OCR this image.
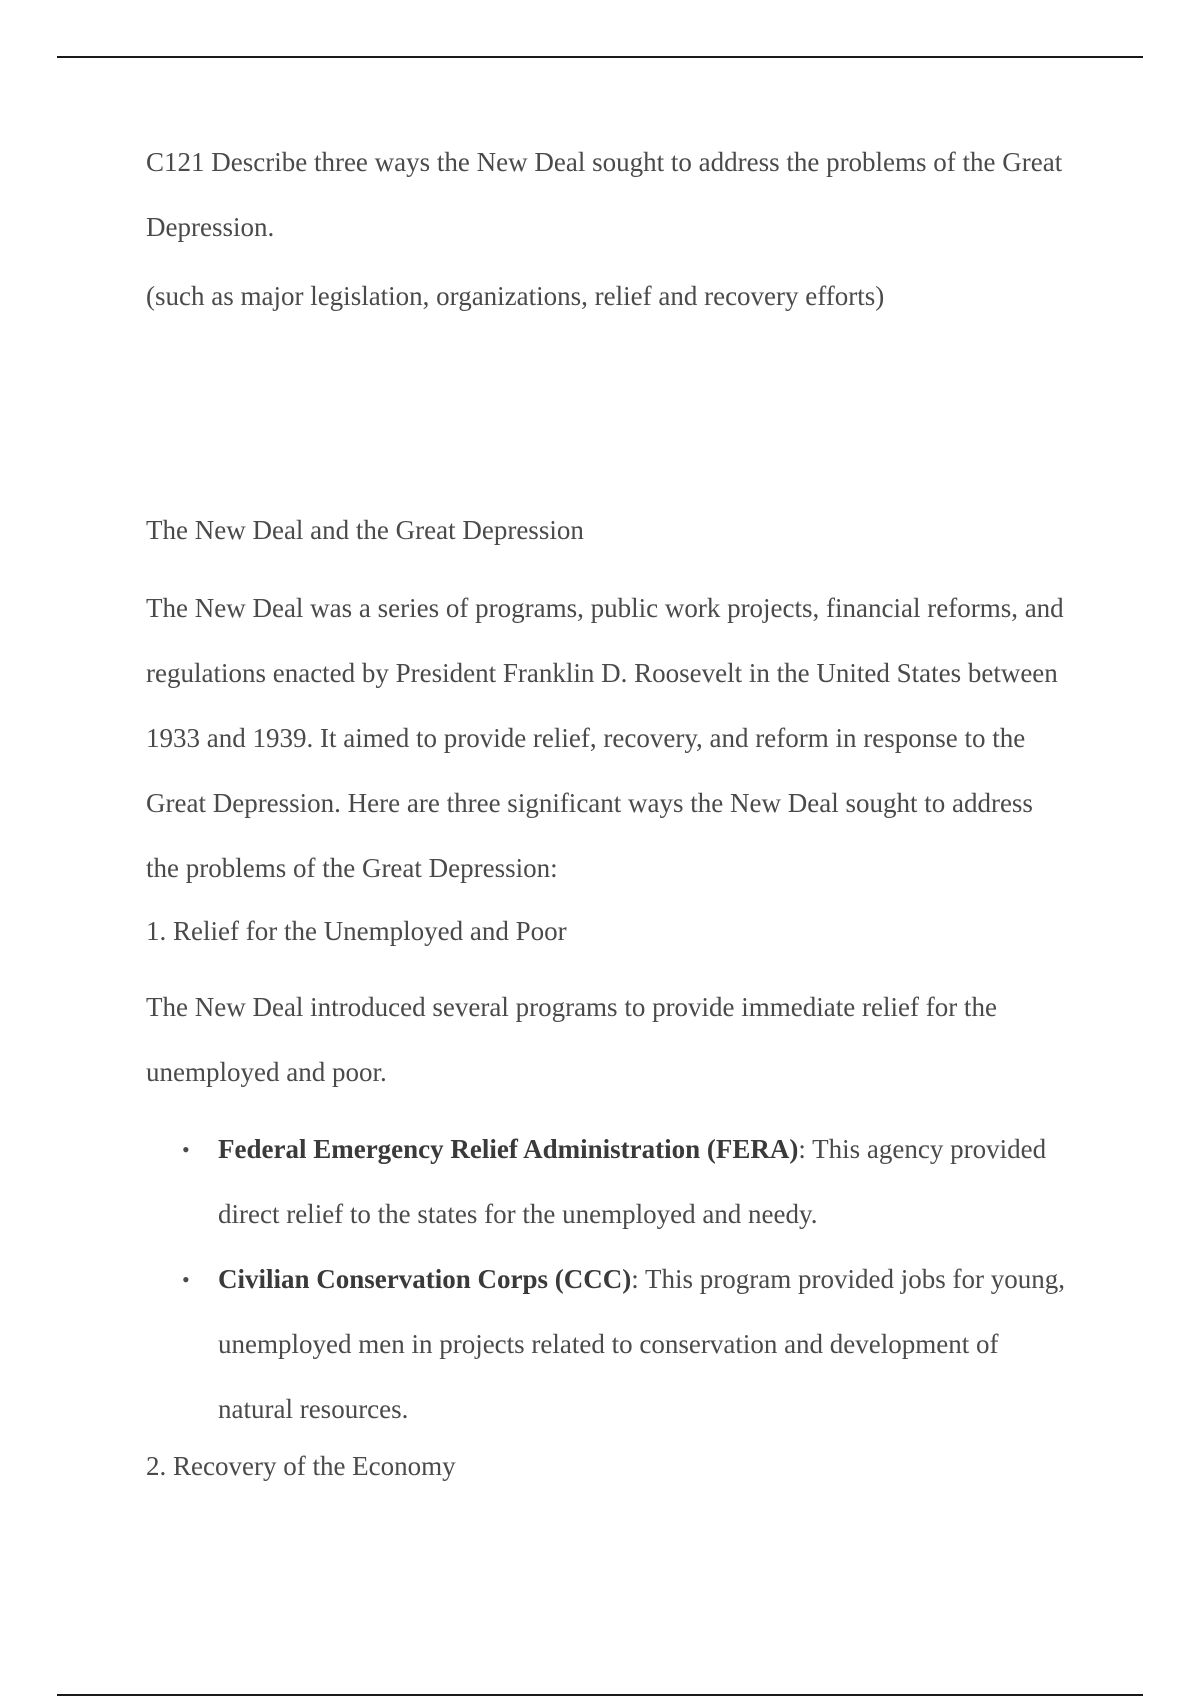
C121 Describe three ways the New Deal sought to address the problems of the Great Depression.

(such as major legislation, organizations, relief and recovery efforts)

The New Deal and the Great Depression

The New Deal was a series of programs, public work projects, financial reforms, and regulations enacted by President Franklin D. Roosevelt in the United States between 1933 and 1939. It aimed to provide relief, recovery, and reform in response to the Great Depression. Here are three significant ways the New Deal sought to address the problems of the Great Depression:

1. Relief for the Unemployed and Poor

The New Deal introduced several programs to provide immediate relief for the unemployed and poor.

• Federal Emergency Relief Administration (FERA): This agency provided direct relief to the states for the unemployed and needy.
• Civilian Conservation Corps (CCC): This program provided jobs for young, unemployed men in projects related to conservation and development of natural resources.

2. Recovery of the Economy
